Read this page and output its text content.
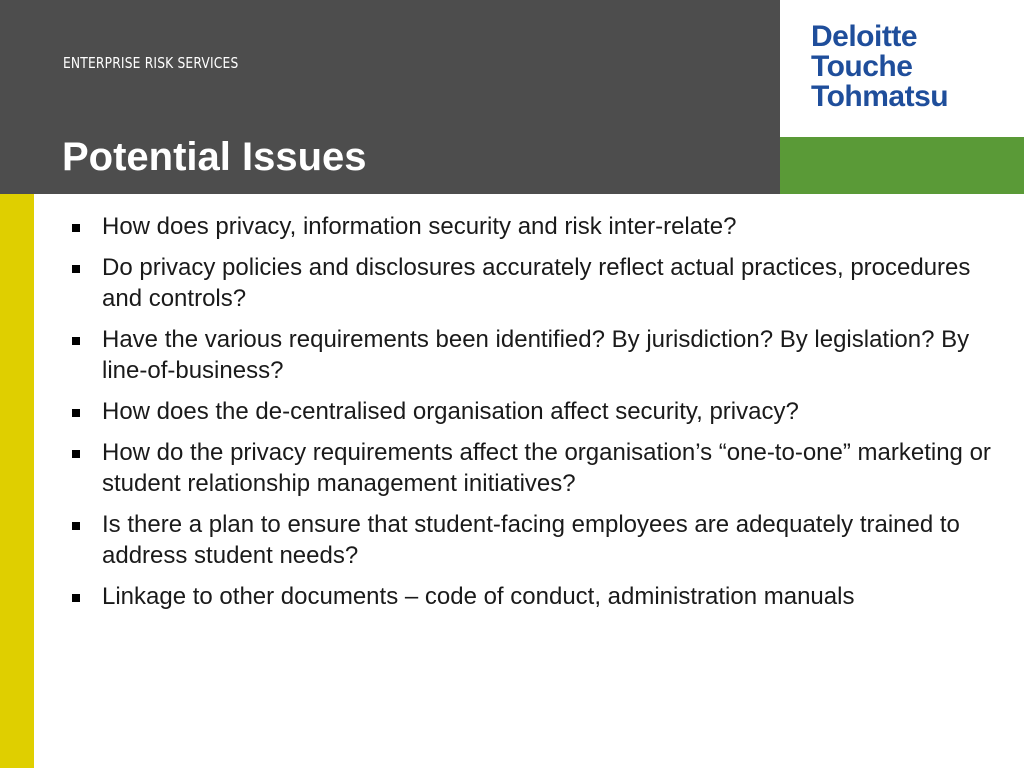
ENTERPRISE RISK SERVICES
Potential Issues
Deloitte
Touche
Tohmatsu
How does privacy, information security and risk inter-relate?
Do privacy policies and disclosures accurately reflect actual practices, procedures and controls?
Have the various requirements been identified? By jurisdiction? By legislation? By line-of-business?
How does the de-centralised organisation affect security, privacy?
How do the privacy requirements affect the organisation’s “one-to-one” marketing or student relationship management initiatives?
Is there a plan to ensure that student-facing employees are adequately trained to address student needs?
Linkage to other documents – code of conduct, administration manuals
